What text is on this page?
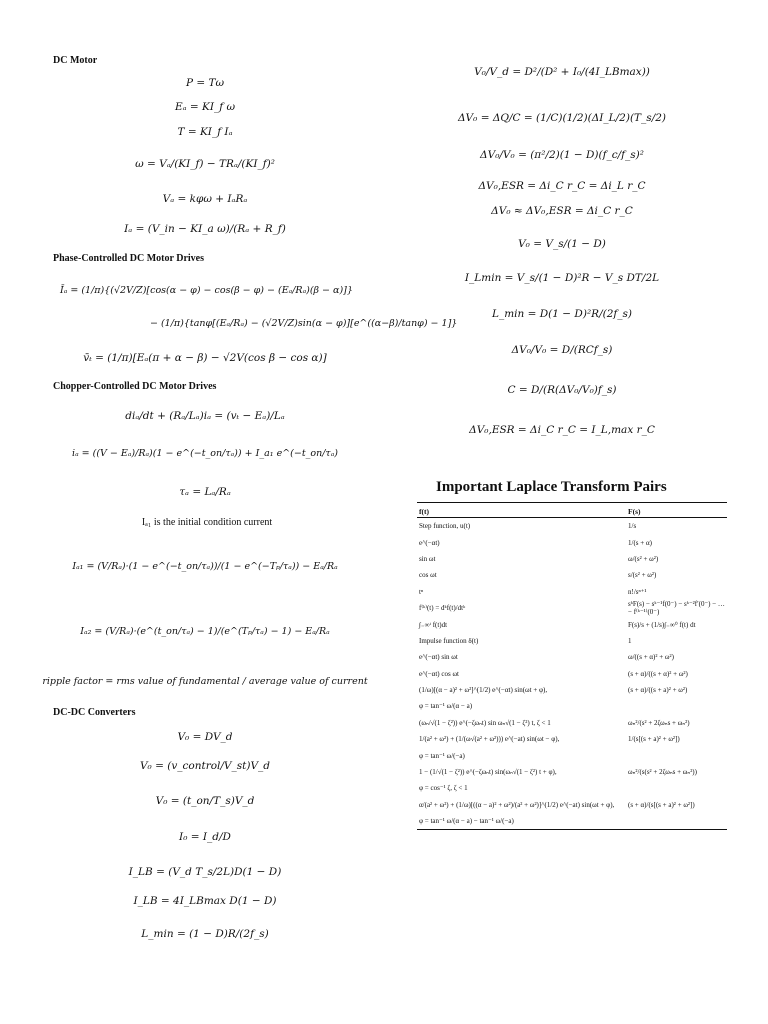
DC Motor
P = Tω
Eₐ = KI_f ω
T = KI_f Iₐ
ω = Vₐ/(KI_f) − TRₐ/(KI_f)²
Vₐ = kφω + IₐRₐ
Iₐ = (V_in − KI_a ω)/(Rₐ + R_f)
Phase-Controlled DC Motor Drives
Īₐ = (1/π){(√2V/Z)[cos(α − φ) − cos(β − φ) − (Eₐ/Rₐ)(β − α)]}
− (1/π){tanφ[(Eₐ/Rₐ) − (√2V/Z)sin(α − φ)][e^((α−β)/tanφ) − 1]}
v̄ₜ = (1/π)[Eₐ(π + α − β) − √2V(cos β − cos α)]
Chopper-Controlled DC Motor Drives
diₐ/dt + (Rₐ/Lₐ)iₐ = (vₜ − Eₐ)/Lₐ
iₐ = ((V − Eₐ)/Rₐ)(1 − e^(−t_on/τₐ)) + I_a₁ e^(−t_on/τₐ)
τₐ = Lₐ/Rₐ
Iₐ₁ is the initial condition current
Iₐ₁ = (V/Rₐ)·(1 − e^(−t_on/τₐ))/(1 − e^(−Tₚ/τₐ)) − Eₐ/Rₐ
Iₐ₂ = (V/Rₐ)·(e^(t_on/τₐ) − 1)/(e^(Tₚ/τₐ) − 1) − Eₐ/Rₐ
ripple factor = rms value of fundamental / average value of current
DC-DC Converters
V₀ = DV_d
V₀ = (v_control/V_st)V_d
V₀ = (t_on/T_s)V_d
I₀ = I_d/D
I_LB = (V_d T_s/2L)D(1 − D)
I_LB = 4I_LBmax D(1 − D)
L_min = (1 − D)R/(2f_s)
V₀/V_d = D²/(D² + I₀/(4I_LBmax))
ΔV₀ = ΔQ/C = (1/C)(1/2)(ΔI_L/2)(T_s/2)
ΔV₀/V₀ = (π²/2)(1 − D)(f_c/f_s)²
ΔV₀,ESR = Δi_C r_C = Δi_L r_C
ΔV₀ ≈ ΔV₀,ESR = Δi_C r_C
V₀ = V_s/(1 − D)
I_Lmin = V_s/(1 − D)²R − V_s DT/2L
L_min = D(1 − D)²R/(2f_s)
ΔV₀/V₀ = D/(RCf_s)
C = D/(R(ΔV₀/V₀)f_s)
ΔV₀,ESR = Δi_C r_C = I_L,max r_C
Important Laplace Transform Pairs
f(t)	F(s)
Step function, u(t)	1/s
e^(−αt)	1/(s + α)
sin ωt	ω/(s² + ω²)
cos ωt	s/(s² + ω²)
tⁿ	n!/sⁿ⁺¹
f⁽ᵏ⁾(t) = dᵏf(t)/dtᵏ	sᵏF(s) − sᵏ⁻¹f(0⁻) − sᵏ⁻²f′(0⁻) − … − f⁽ᵏ⁻¹⁾(0⁻)
∫₋∞ᵗ f(t)dt	F(s)/s + (1/s)∫₋∞⁰ f(t) dt
Impulse function δ(t)	1
e^(−αt) sin ωt	ω/((s + α)² + ω²)
e^(−αt) cos ωt	(s + α)/((s + α)² + ω²)
(1/ω)[(α − a)² + ω²]^(1/2) e^(−αt) sin(ωt + φ),	(s + α)/((s + a)² + ω²)
φ = tan⁻¹ ω/(α − a)	
(ωₙ/√(1 − ζ²)) e^(−ζωₙt) sin ωₙ√(1 − ζ²) t, ζ < 1	ωₙ²/(s² + 2ζωₙs + ωₙ²)
1/(a² + ω²) + (1/(ω√(a² + ω²))) e^(−at) sin(ωt − φ),	1/(s[(s + a)² + ω²])
φ = tan⁻¹ ω/(−a)	
1 − (1/√(1 − ζ²)) e^(−ζωₙt) sin(ωₙ√(1 − ζ²) t + φ),	ωₙ²/(s(s² + 2ζωₙs + ωₙ²))
φ = cos⁻¹ ζ, ζ < 1	
α/(a² + ω²) + (1/ω)[((α − a)² + ω²)/(a² + ω²)]^(1/2) e^(−at) sin(ωt + φ),	(s + α)/(s[(s + a)² + ω²])
φ = tan⁻¹ ω/(α − a) − tan⁻¹ ω/(−a)	
